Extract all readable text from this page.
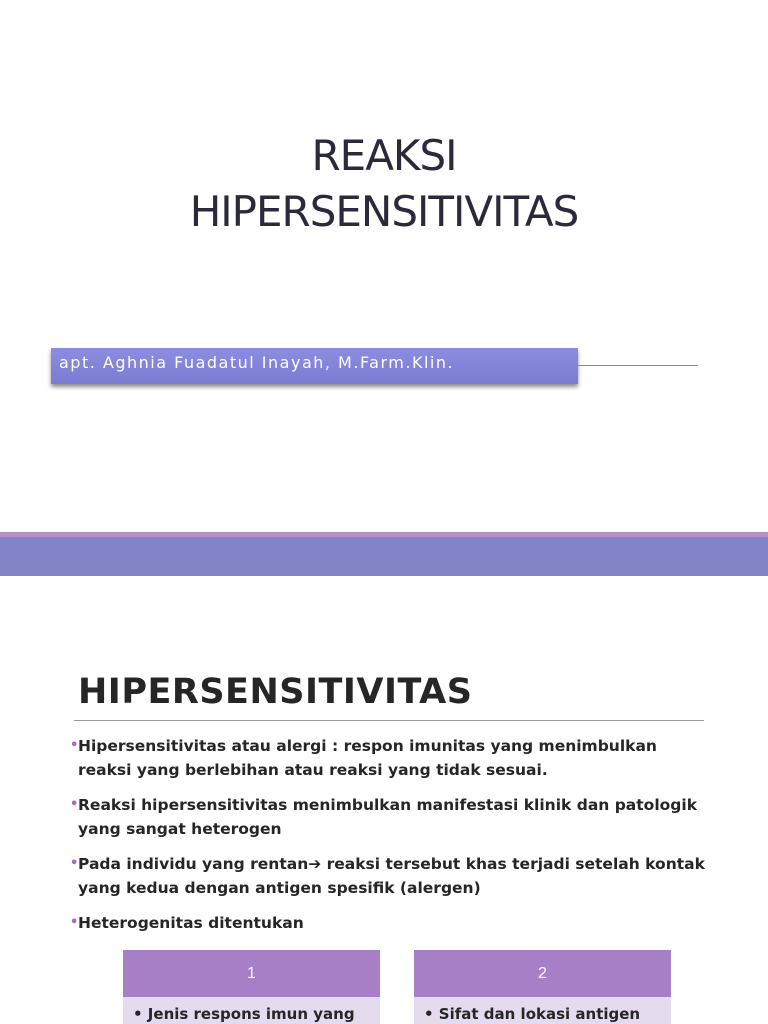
REAKSI
HIPERSENSITIVITAS
apt. Aghnia Fuadatul Inayah, M.Farm.Klin.
HIPERSENSITIVITAS
• Hipersensitivitas atau alergi : respon imunitas yang menimbulkan reaksi yang berlebihan atau reaksi yang tidak sesuai.
• Reaksi hipersensitivitas menimbulkan manifestasi klinik dan patologik yang sangat heterogen
• Pada individu yang rentan➔ reaksi tersebut khas terjadi setelah kontak yang kedua dengan antigen spesifik (alergen)
• Heterogenitas ditentukan
1
• Jenis respons imun yang
2
• Sifat dan lokasi antigen
